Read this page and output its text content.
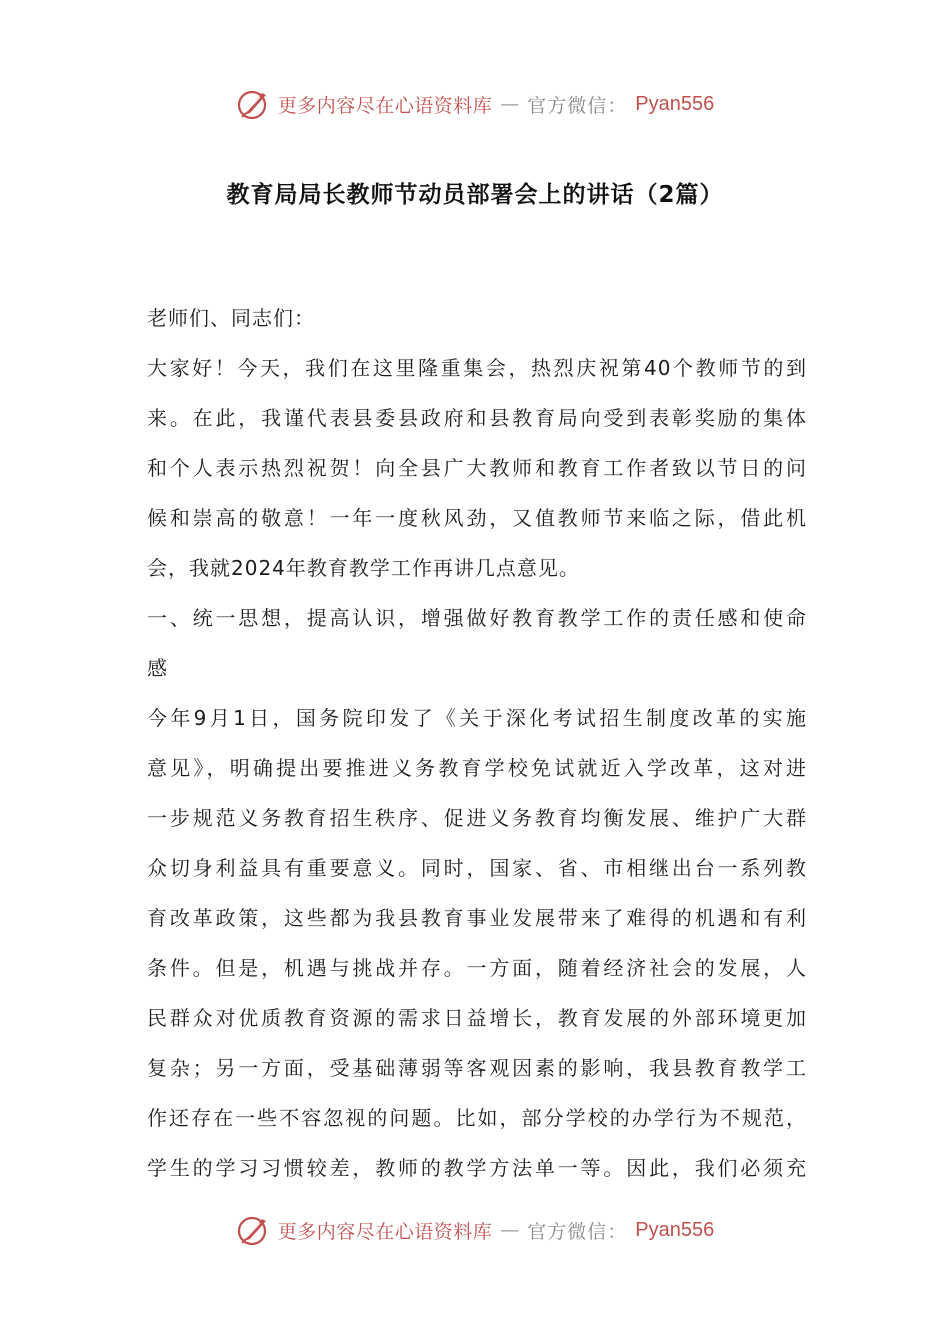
更多内容尽在心语资料库 — 官方微信： Pyan556
教育局局长教师节动员部署会上的讲话（2篇）
老师们、同志们：
大家好！今天，我们在这里隆重集会，热烈庆祝第40个教师节的到
来。在此，我谨代表县委县政府和县教育局向受到表彰奖励的集体
和个人表示热烈祝贺！向全县广大教师和教育工作者致以节日的问
候和崇高的敬意！一年一度秋风劲，又值教师节来临之际，借此机
会，我就2024年教育教学工作再讲几点意见。
一、统一思想，提高认识，增强做好教育教学工作的责任感和使命
感
今年9月1日，国务院印发了《关于深化考试招生制度改革的实施
意见》，明确提出要推进义务教育学校免试就近入学改革，这对进
一步规范义务教育招生秩序、促进义务教育均衡发展、维护广大群
众切身利益具有重要意义。同时，国家、省、市相继出台一系列教
育改革政策，这些都为我县教育事业发展带来了难得的机遇和有利
条件。但是，机遇与挑战并存。一方面，随着经济社会的发展，人
民群众对优质教育资源的需求日益增长，教育发展的外部环境更加
复杂；另一方面，受基础薄弱等客观因素的影响，我县教育教学工
作还存在一些不容忽视的问题。比如，部分学校的办学行为不规范，
学生的学习习惯较差，教师的教学方法单一等。因此，我们必须充
更多内容尽在心语资料库 — 官方微信： Pyan556
